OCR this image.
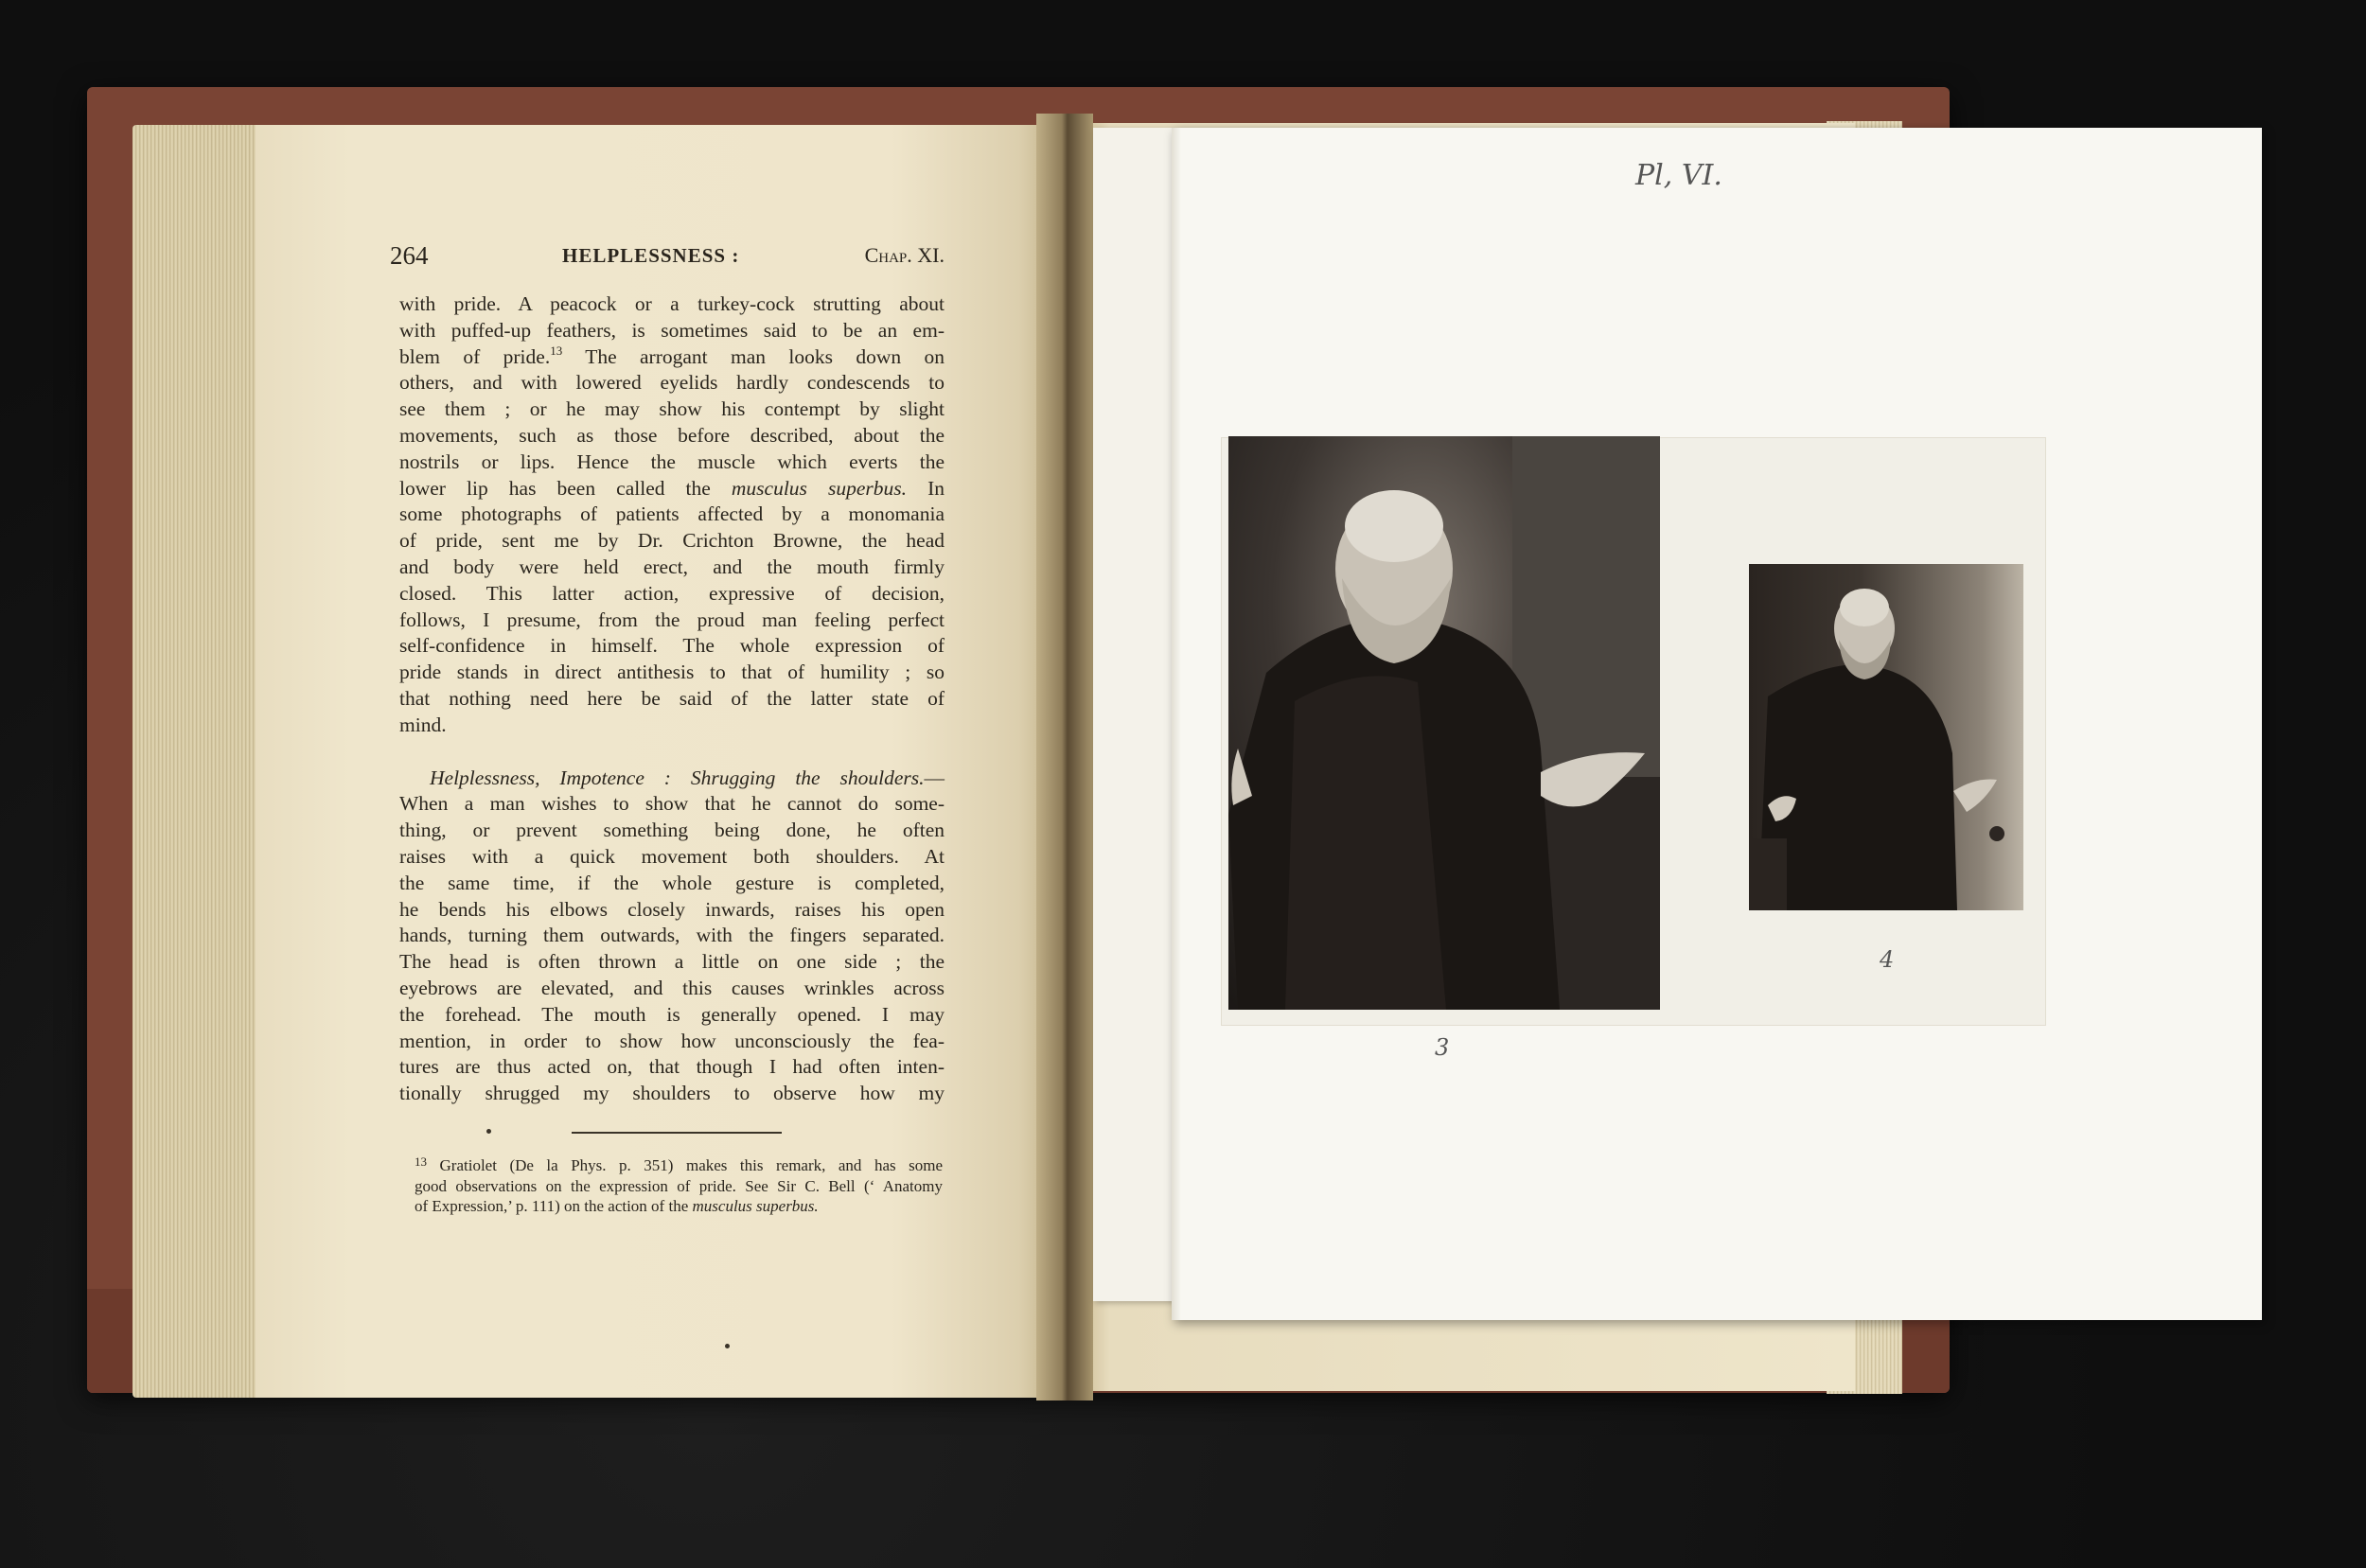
264	HELPLESSNESS :	Chap. XI.
with pride. A peacock or a turkey-cock strutting about
with puffed-up feathers, is sometimes said to be an em-
blem of pride.$^{13}$ The arrogant man looks down on
others, and with lowered eyelids hardly condescends to
see them ; or he may show his contempt by slight
movements, such as those before described, about the
nostrils or lips. Hence the muscle which everts the
lower lip has been called the musculus superbus. In
some photographs of patients affected by a monomania
of pride, sent me by Dr. Crichton Browne, the head
and body were held erect, and the mouth firmly
closed. This latter action, expressive of decision,
follows, I presume, from the proud man feeling perfect
self-confidence in himself. The whole expression of
pride stands in direct antithesis to that of humility ; so
that nothing need here be said of the latter state of
mind.
Helplessness, Impotence : Shrugging the shoulders.—
When a man wishes to show that he cannot do some-
thing, or prevent something being done, he often
raises with a quick movement both shoulders. At
the same time, if the whole gesture is completed,
he bends his elbows closely inwards, raises his open
hands, turning them outwards, with the fingers separated.
The head is often thrown a little on one side ; the
eyebrows are elevated, and this causes wrinkles across
the forehead. The mouth is generally opened. I may
mention, in order to show how unconsciously the fea-
tures are thus acted on, that though I had often inten-
tionally shrugged my shoulders to observe how my
$^{13}$ Gratiolet (De la Phys. p. 351) makes this remark, and has some
good observations on the expression of pride. See Sir C. Bell (‘ Anatomy
of Expression,’ p. 111) on the action of the musculus superbus.
Pl, VI.
3
4
